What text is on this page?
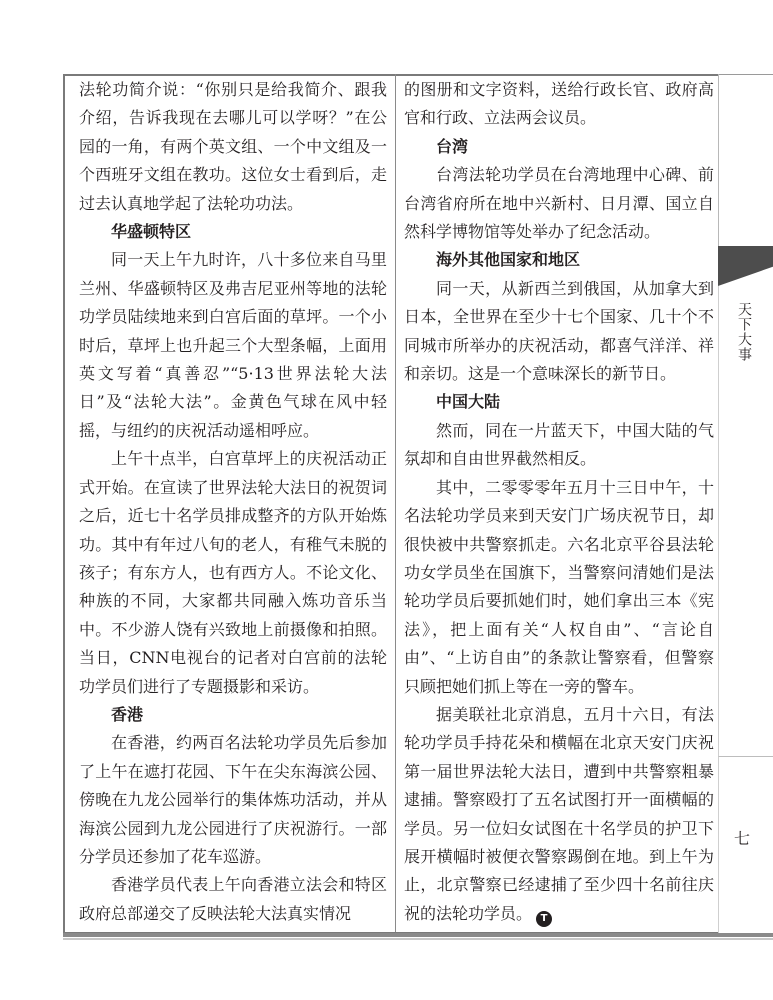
法轮功简介说：“你别只是给我简介、跟我介绍，告诉我现在去哪儿可以学呀？”在公园的一角，有两个英文组、一个中文组及一个西班牙文组在教功。这位女士看到后，走过去认真地学起了法轮功功法。

华盛顿特区

同一天上午九时许，八十多位来自马里兰州、华盛顿特区及弗吉尼亚州等地的法轮功学员陆续地来到白宫后面的草坪。一个小时后，草坪上也升起三个大型条幅，上面用英文写着“真善忍”“5·13世界法轮大法日”及“法轮大法”。金黄色气球在风中轻摇，与纽约的庆祝活动遥相呼应。

上午十点半，白宫草坪上的庆祝活动正式开始。在宣读了世界法轮大法日的祝贺词之后，近七十名学员排成整齐的方队开始炼功。其中有年过八旬的老人，有稚气未脱的孩子；有东方人，也有西方人。不论文化、种族的不同，大家都共同融入炼功音乐当中。不少游人饶有兴致地上前摄像和拍照。当日，CNN电视台的记者对白宫前的法轮功学员们进行了专题摄影和采访。

香港

在香港，约两百名法轮功学员先后参加了上午在遮打花园、下午在尖东海滨公园、傍晚在九龙公园举行的集体炼功活动，并从海滨公园到九龙公园进行了庆祝游行。一部分学员还参加了花车巡游。

香港学员代表上午向香港立法会和特区政府总部递交了反映法轮大法真实情况

的图册和文字资料，送给行政长官、政府高官和行政、立法两会议员。

台湾

台湾法轮功学员在台湾地理中心碑、前台湾省府所在地中兴新村、日月潭、国立自然科学博物馆等处举办了纪念活动。

海外其他国家和地区

同一天，从新西兰到俄国，从加拿大到日本，全世界在至少十七个国家、几十个不同城市所举办的庆祝活动，都喜气洋洋、祥和亲切。这是一个意味深长的新节日。

中国大陆

然而，同在一片蓝天下，中国大陆的气氛却和自由世界截然相反。

其中，二零零零年五月十三日中午，十名法轮功学员来到天安门广场庆祝节日，却很快被中共警察抓走。六名北京平谷县法轮功女学员坐在国旗下，当警察问清她们是法轮功学员后要抓她们时，她们拿出三本《宪法》，把上面有关“人权自由”、“言论自由”、“上访自由”的条款让警察看，但警察只顾把她们抓上等在一旁的警车。

据美联社北京消息，五月十六日，有法轮功学员手持花朵和横幅在北京天安门庆祝第一届世界法轮大法日，遭到中共警察粗暴逮捕。警察殴打了五名试图打开一面横幅的学员。另一位妇女试图在十名学员的护卫下展开横幅时被便衣警察踢倒在地。到上午为止，北京警察已经逮捕了至少四十名前往庆祝的法轮功学员。 T

天下大事
七
